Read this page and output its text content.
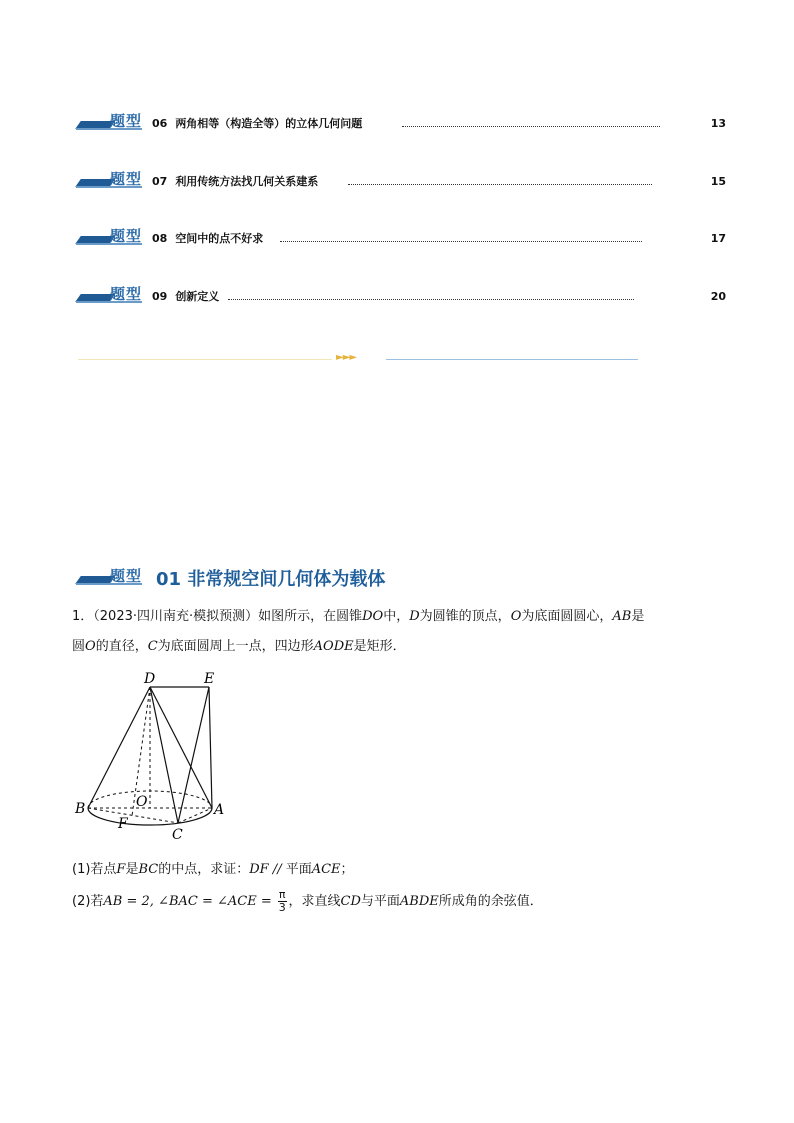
题型 06 两角相等（构造全等）的立体几何问题	13
题型 07 利用传统方法找几何关系建系	15
题型 08 空间中的点不好求	17
题型 09 创新定义	20
►►►
题型 01 非常规空间几何体为载体
1．（2023·四川南充·模拟预测）如图所示，在圆锥DO中，D为圆锥的顶点，O为底面圆圆心，AB是
圆O的直径，C为底面圆周上一点，四边形AODE是矩形．
D	E
B	O	A
F
C
(1)若点F是BC的中点，求证：DF // 平面ACE；
(2)若AB = 2, ∠BAC = ∠ACE = $\frac{\pi}{3}$ ，求直线CD与平面ABDE所成角的余弦值．
